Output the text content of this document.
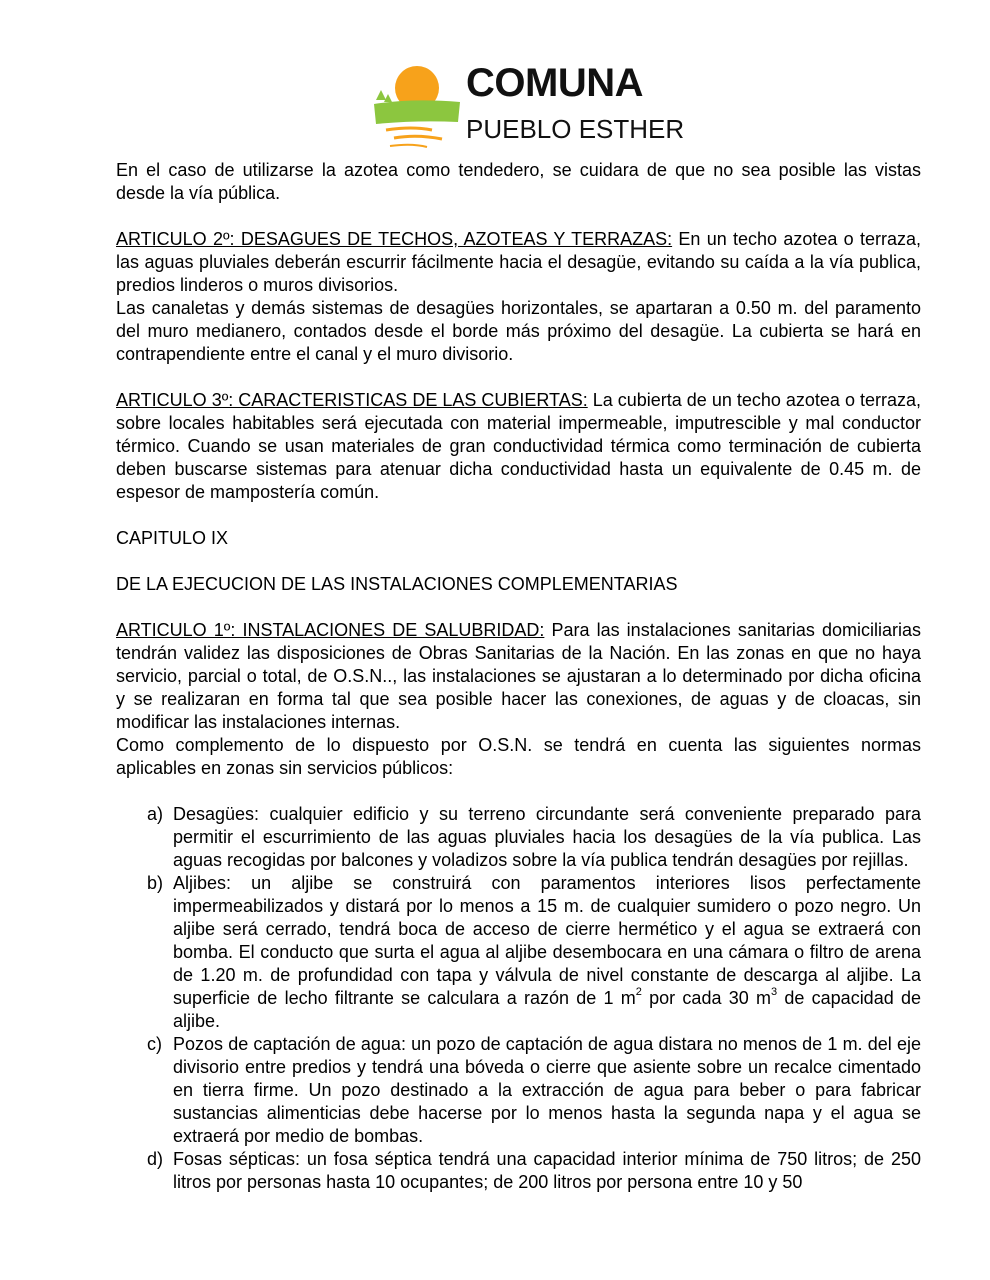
COMUNA
PUEBLO ESTHER

En el caso de utilizarse la azotea como tendedero, se cuidara de que no sea posible las vistas desde la vía pública.

ARTICULO 2º: DESAGUES DE TECHOS, AZOTEAS Y TERRAZAS: En un techo azotea o terraza, las aguas pluviales deberán escurrir fácilmente hacia el desagüe, evitando su caída a la vía publica, predios linderos o muros divisorios.

Las canaletas y demás sistemas de desagües horizontales, se apartaran a 0.50 m. del paramento del muro medianero, contados desde el borde más próximo del desagüe. La cubierta se hará en contrapendiente entre el canal y el muro divisorio.

ARTICULO 3º: CARACTERISTICAS DE LAS CUBIERTAS: La cubierta de un techo azotea o terraza, sobre locales habitables será ejecutada con material impermeable, imputrescible y mal conductor térmico. Cuando se usan materiales de gran conductividad térmica como terminación de cubierta deben buscarse sistemas para atenuar dicha conductividad hasta un equivalente de 0.45 m. de espesor de mampostería común.

CAPITULO IX

DE LA EJECUCION DE LAS INSTALACIONES COMPLEMENTARIAS

ARTICULO 1º: INSTALACIONES DE SALUBRIDAD: Para las instalaciones sanitarias domiciliarias tendrán validez las disposiciones de Obras Sanitarias de la Nación. En las zonas en que no haya servicio, parcial o total, de O.S.N.., las instalaciones se ajustaran a lo determinado por dicha oficina y se realizaran en forma tal que sea posible hacer las conexiones, de aguas y de cloacas, sin modificar las instalaciones internas.

Como complemento de lo dispuesto por O.S.N. se tendrá en cuenta las siguientes normas aplicables en zonas sin servicios públicos:

a) Desagües: cualquier edificio y su terreno circundante será conveniente preparado para permitir el escurrimiento de las aguas pluviales hacia los desagües de la vía publica. Las aguas recogidas por balcones y voladizos sobre la vía publica tendrán desagües por rejillas.
b) Aljibes: un aljibe se construirá con paramentos interiores lisos perfectamente impermeabilizados y distará por lo menos a 15 m. de cualquier sumidero o pozo negro. Un aljibe será cerrado, tendrá boca de acceso de cierre hermético y el agua se extraerá con bomba. El conducto que surta el agua al aljibe desembocara en una cámara o filtro de arena de 1.20 m. de profundidad con tapa y válvula de nivel constante de descarga al aljibe. La superficie de lecho filtrante se calculara a razón de 1 $m^2$ por cada 30 $m^3$ de capacidad de aljibe.
c) Pozos de captación de agua: un pozo de captación de agua distara no menos de 1 m. del eje divisorio entre predios y tendrá una bóveda o cierre que asiente sobre un recalce cimentado en tierra firme. Un pozo destinado a la extracción de agua para beber o para fabricar sustancias alimenticias debe hacerse por lo menos hasta la segunda napa y el agua se extraerá por medio de bombas.
d) Fosas sépticas: un fosa séptica tendrá una capacidad interior mínima de 750 litros; de 250 litros por personas hasta 10 ocupantes; de 200 litros por persona entre 10 y 50
